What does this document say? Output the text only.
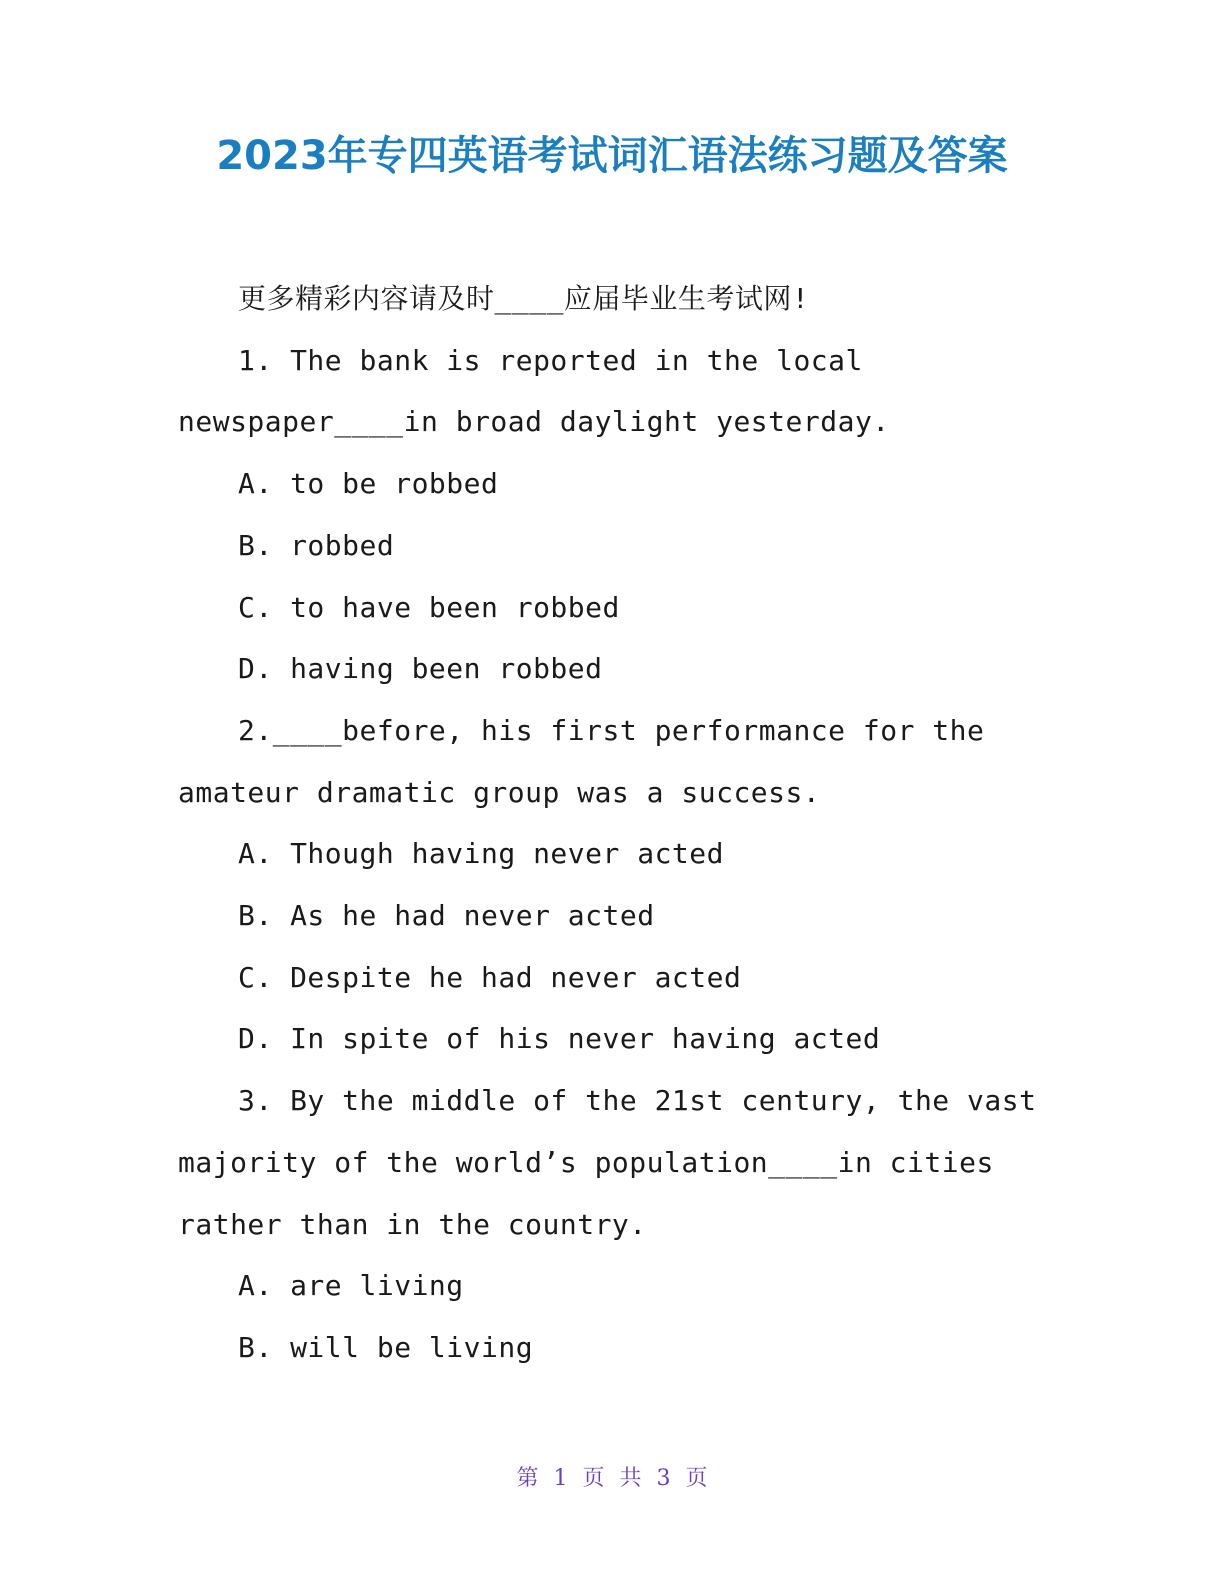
2023年专四英语考试词汇语法练习题及答案

更多精彩内容请及时____应届毕业生考试网!

1. The bank is reported in the local

newspaper____in broad daylight yesterday.

A. to be robbed

B. robbed

C. to have been robbed

D. having been robbed

2.____before, his first performance for the

amateur dramatic group was a success.

A. Though having never acted

B. As he had never acted

C. Despite he had never acted

D. In spite of his never having acted

3. By the middle of the 21st century, the vast

majority of the world’s population____in cities

rather than in the country.

A. are living

B. will be living

第 1 页 共 3 页
